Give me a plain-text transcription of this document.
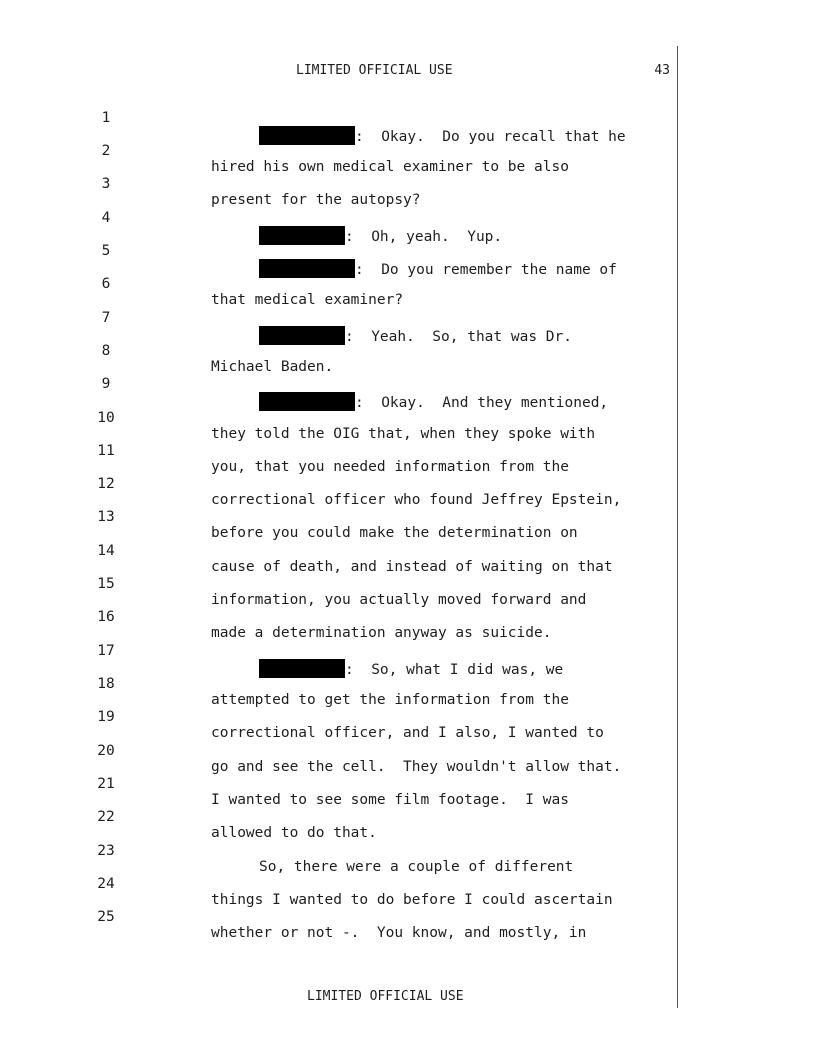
LIMITED OFFICIAL USE	43

1

:  Okay.  Do you recall that he

2

hired his own medical examiner to be also

3

present for the autopsy?

4

:  Oh, yeah.  Yup.

5

:  Do you remember the name of

6

that medical examiner?

7

:  Yeah.  So, that was Dr.

8

Michael Baden.

9

:  Okay.  And they mentioned,

10

they told the OIG that, when they spoke with

11

you, that you needed information from the

12

correctional officer who found Jeffrey Epstein,

13

before you could make the determination on

14

cause of death, and instead of waiting on that

15

information, you actually moved forward and

16

made a determination anyway as suicide.

17

:  So, what I did was, we

18

attempted to get the information from the

19

correctional officer, and I also, I wanted to

20

go and see the cell.  They wouldn't allow that.

21

I wanted to see some film footage.  I was

22

allowed to do that.

23

So, there were a couple of different

24

things I wanted to do before I could ascertain

25

whether or not -.  You know, and mostly, in

LIMITED OFFICIAL USE
